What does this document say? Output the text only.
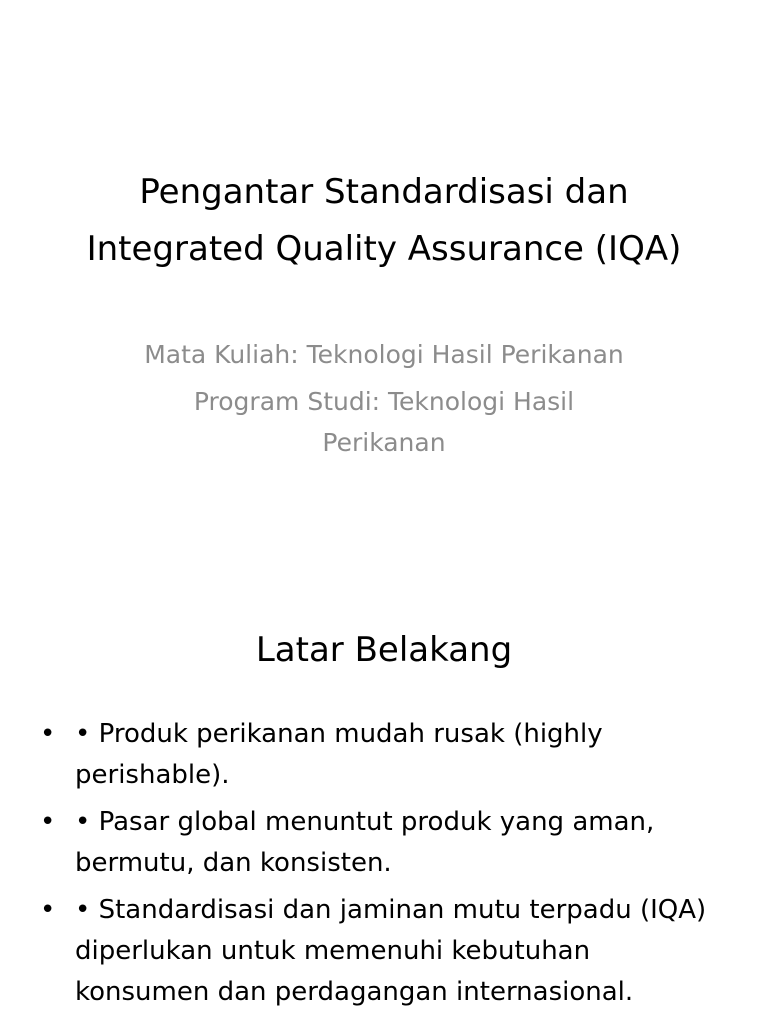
Pengantar Standardisasi dan Integrated Quality Assurance (IQA)

Mata Kuliah: Teknologi Hasil Perikanan

Program Studi: Teknologi Hasil Perikanan

Latar Belakang
• • Produk perikanan mudah rusak (highly perishable).
• • Pasar global menuntut produk yang aman, bermutu, dan konsisten.
• • Standardisasi dan jaminan mutu terpadu (IQA) diperlukan untuk memenuhi kebutuhan konsumen dan perdagangan internasional.
